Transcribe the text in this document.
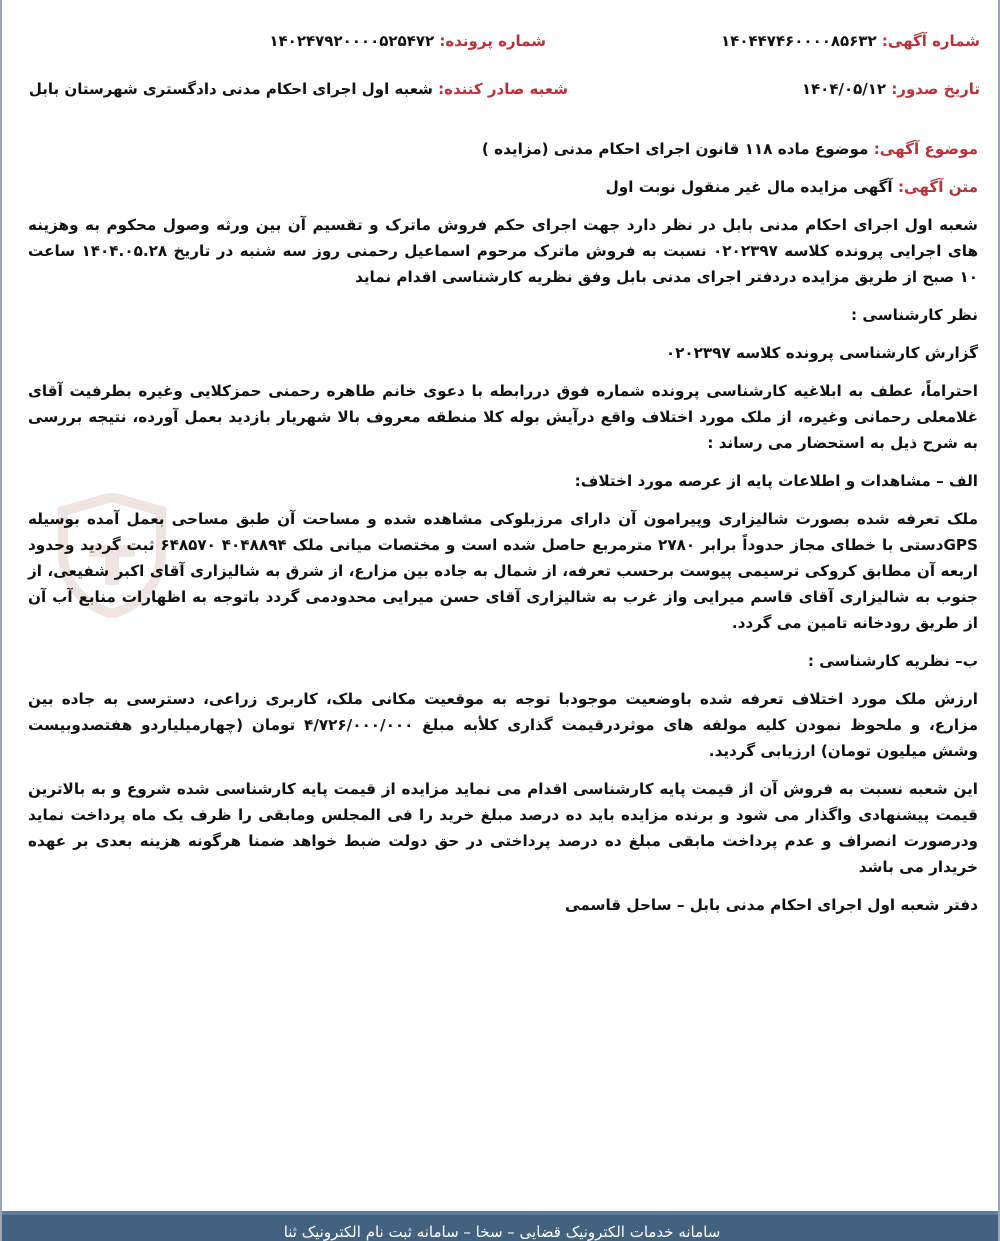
شماره آگهی: ۱۴۰۴۴۷۴۶۰۰۰۰۸۵۶۳۲
شماره پرونده: ۱۴۰۲۴۷۹۲۰۰۰۰۵۲۵۴۷۲
تاریخ صدور: ۱۴۰۴/۰۵/۱۲
شعبه صادر کننده: شعبه اول اجرای احکام مدنی دادگستری شهرستان بابل

موضوع آگهی: موضوع ماده ۱۱۸ قانون اجرای احکام مدنی (مزایده )

متن آگهی: آگهی مزایده مال غیر منقول نوبت اول

شعبه اول اجرای احکام مدنی بابل در نظر دارد جهت اجرای حکم فروش ماترک و تقسیم آن بین ورثه وصول محکوم به وهزینه های اجرایی پرونده کلاسه ۰۲۰۲۳۹۷ نسبت به فروش ماترک مرحوم اسماعیل رحمنی روز سه شنبه در تاریخ ۱۴۰۴.۰۵.۲۸ ساعت ۱۰ صبح از طریق مزایده دردفتر اجرای مدنی بابل وفق نظریه کارشناسی اقدام نماید

نظر کارشناسی :

گزارش کارشناسی پرونده کلاسه ۰۲۰۲۳۹۷

احتراماً، عطف به ابلاغیه کارشناسی پرونده شماره فوق دررابطه با دعوی خانم طاهره رحمنی حمزکلایی وغیره بطرفیت آقای غلامعلی رحمانی وغیره، از ملک مورد اختلاف واقع درآیش بوله کلا منطقه معروف بالا شهریار بازدید بعمل آورده، نتیجه بررسی به شرح ذیل به استحضار می رساند :

الف – مشاهدات و اطلاعات پایه از عرصه مورد اختلاف:

ملک تعرفه شده بصورت شالیزاری وپیرامون آن دارای مرزبلوکی مشاهده شده و مساحت آن طبق مساحی بعمل آمده بوسیله GPSدستی با خطای مجاز حدوداً برابر ۲۷۸۰ مترمربع حاصل شده است و مختصات میانی ملک ۴۰۴۸۸۹۴ ۶۴۸۵۷۰ ثبت گردید وحدود اربعه آن مطابق کروکی ترسیمی پیوست برحسب تعرفه، از شمال به جاده بین مزارع، از شرق به شالیزاری آقای اکبر شفیعی، از جنوب به شالیزاری آقای قاسم میرایی واز غرب به شالیزاری آقای حسن میرایی محدودمی گردد باتوجه به اظهارات منابع آب آن از طریق رودخانه تامین می گردد.

ب– نظریه کارشناسی :

ارزش ملک مورد اختلاف تعرفه شده باوضعیت موجودبا توجه به موقعیت مکانی ملک، کاربری زراعی، دسترسی به جاده بین مزارع، و ملحوظ نمودن کلیه مولفه های موثردرقیمت گذاری کلأبه مبلغ ۴/۷۲۶/۰۰۰/۰۰۰ تومان (چهارمیلیاردو هفتصدوبیست وشش میلیون تومان) ارزیابی گردید.

این شعبه نسبت به فروش آن از قیمت پایه کارشناسی اقدام می نماید مزایده از قیمت پایه کارشناسی شده شروع و به بالاترین قیمت پیشنهادی واگذار می شود و برنده مزایده باید ده درصد مبلغ خرید را فی المجلس ومابقی را ظرف یک ماه پرداخت نماید ودرصورت انصراف و عدم پرداخت مابقی مبلغ ده درصد پرداختی در حق دولت ضبط خواهد ضمنا هرگونه هزینه بعدی بر عهده خریدار می باشد

دفتر شعبه اول اجرای احکام مدنی بابل – ساحل قاسمی

سامانه خدمات الکترونیک قضایی – سخا – سامانه ثبت نام الکترونیک ثنا
